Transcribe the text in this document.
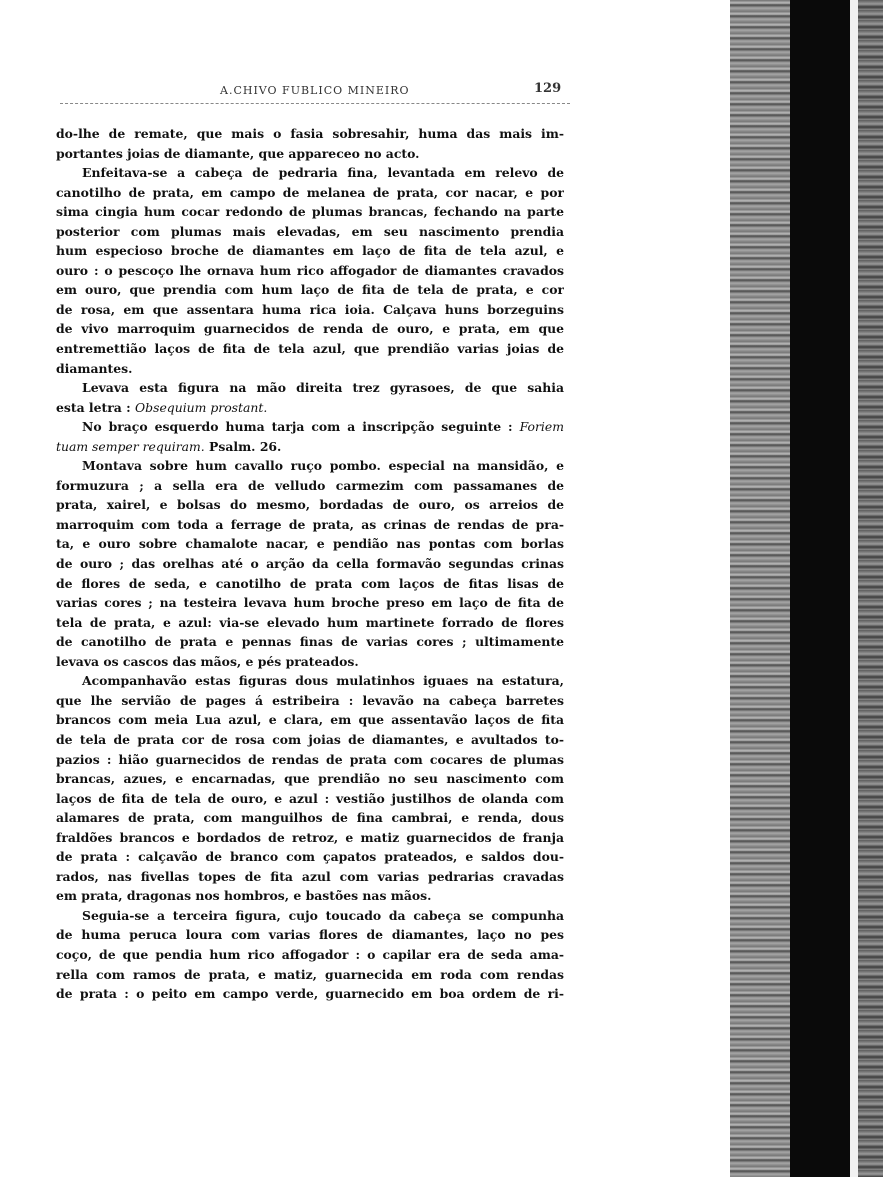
A.CHIVO FUBLICO MINEIRO	129
do-lhe de remate, que mais o fasia sobresahir, huma das mais im-
portantes joias de diamante, que appareceo no acto.
Enfeitava-se a cabeça de pedraria fina, levantada em relevo de
canotilho de prata, em campo de melanea de prata, cor nacar, e por
sima cingia hum cocar redondo de plumas brancas, fechando na parte
posterior com plumas mais elevadas, em seu nascimento prendia
hum especioso broche de diamantes em laço de fita de tela azul, e
ouro : o pescoço lhe ornava hum rico affogador de diamantes cravados
em ouro, que prendia com hum laço de fita de tela de prata, e cor
de rosa, em que assentara huma rica ioia. Calçava huns borzeguins
de vivo marroquim guarnecidos de renda de ouro, e prata, em que
entremettião laços de fita de tela azul, que prendião varias joias de
diamantes.
Levava esta figura na mão direita trez gyrasoes, de que sahia
esta letra : Obsequium prostant.
No braço esquerdo huma tarja com a inscripção seguinte : Foriem
tuam semper requiram. Psalm. 26.
Montava sobre hum cavallo ruço pombo. especial na mansidão, e
formuzura ; a sella era de velludo carmezim com passamanes de
prata, xairel, e bolsas do mesmo, bordadas de ouro, os arreios de
marroquim com toda a ferrage de prata, as crinas de rendas de pra-
ta, e ouro sobre chamalote nacar, e pendião nas pontas com borlas
de ouro ; das orelhas até o arção da cella formavão segundas crinas
de flores de seda, e canotilho de prata com laços de fitas lisas de
varias cores ; na testeira levava hum broche preso em laço de fita de
tela de prata, e azul: via-se elevado hum martinete forrado de flores
de canotilho de prata e pennas finas de varias cores ; ultimamente
levava os cascos das mãos, e pés prateados.
Acompanhavão estas figuras dous mulatinhos iguaes na estatura,
que lhe servião de pages á estribeira : levavão na cabeça barretes
brancos com meia Lua azul, e clara, em que assentavão laços de fita
de tela de prata cor de rosa com joias de diamantes, e avultados to-
pazios : hião guarnecidos de rendas de prata com cocares de plumas
brancas, azues, e encarnadas, que prendião no seu nascimento com
laços de fita de tela de ouro, e azul : vestião justilhos de olanda com
alamares de prata, com manguilhos de fina cambrai, e renda, dous
fraldões brancos e bordados de retroz, e matiz guarnecidos de franja
de prata : calçavão de branco com çapatos prateados, e saldos dou-
rados, nas fivellas topes de fita azul com varias pedrarias cravadas
em prata, dragonas nos hombros, e bastões nas mãos.
Seguia-se a terceira figura, cujo toucado da cabeça se compunha
de huma peruca loura com varias flores de diamantes, laço no pes
coço, de que pendia hum rico affogador : o capilar era de seda ama-
rella com ramos de prata, e matiz, guarnecida em roda com rendas
de prata : o peito em campo verde, guarnecido em boa ordem de ri-
